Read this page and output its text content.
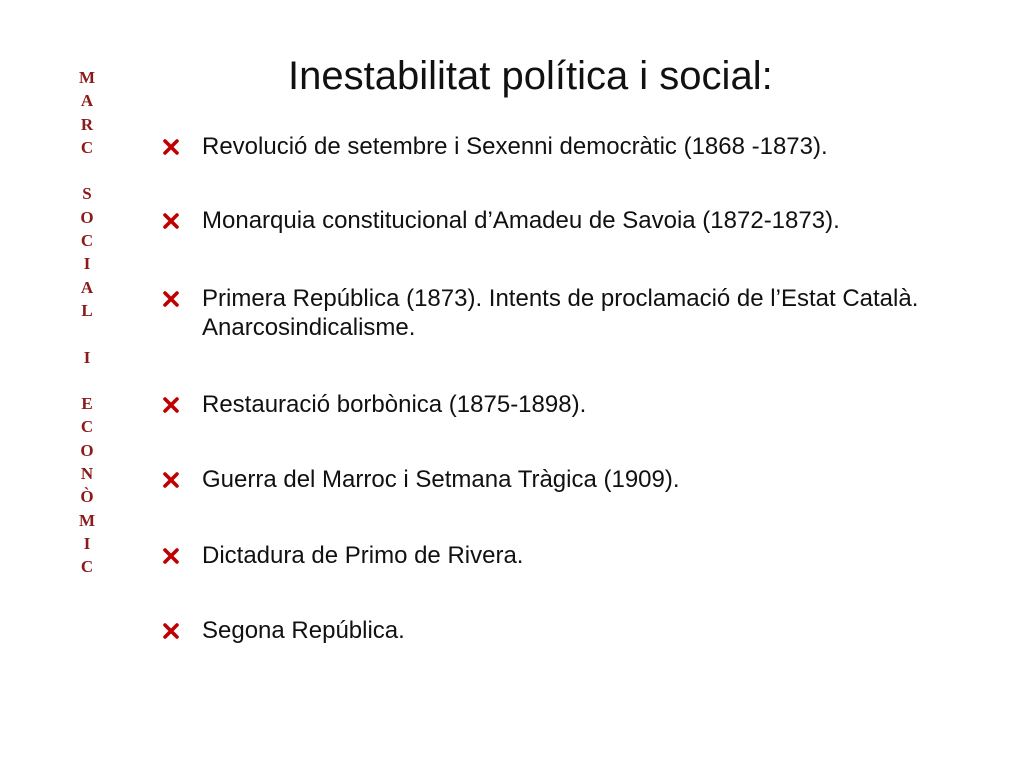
M
A
R
C
S
O
C
I
A
L
I
E
C
O
N
Ò
M
I
C
Inestabilitat política i social:
Revolució de setembre i Sexenni democràtic (1868 -1873).
Monarquia constitucional d’Amadeu de Savoia (1872-1873).
Primera República (1873). Intents de proclamació de l’Estat Català. Anarcosindicalisme.
Restauració borbònica (1875-1898).
Guerra del Marroc i Setmana Tràgica (1909).
Dictadura de Primo de Rivera.
Segona República.
